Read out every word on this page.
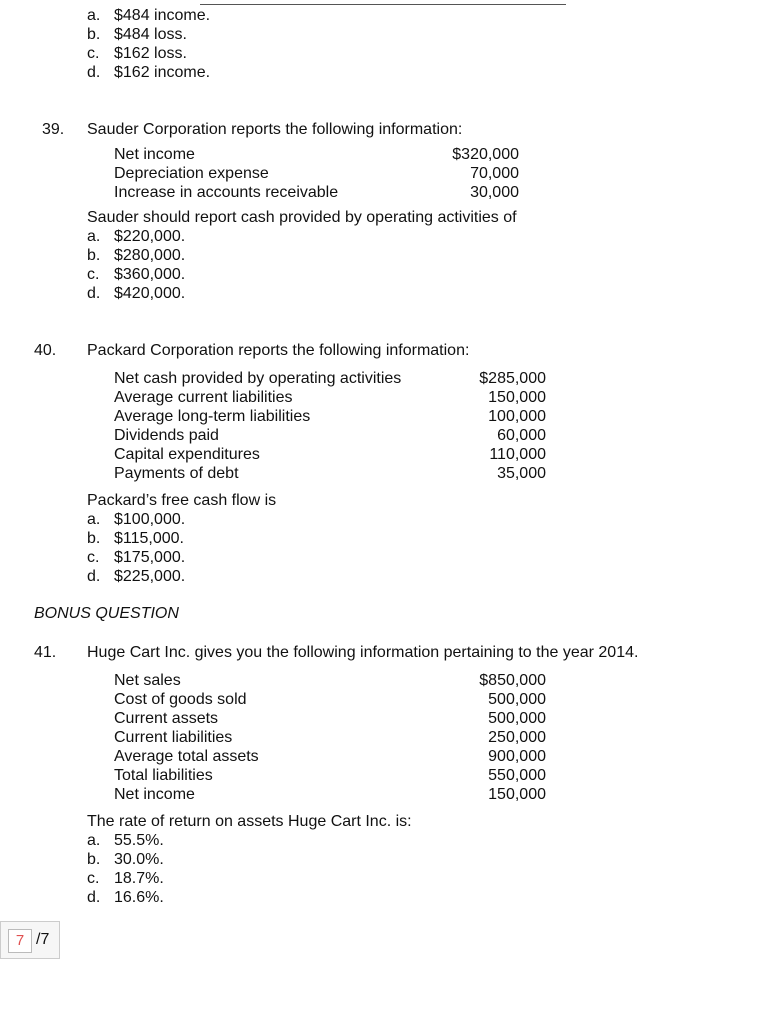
a. $484 income.
b. $484 loss.
c. $162 loss.
d. $162 income.
39. Sauder Corporation reports the following information:
Net income	$320,000
Depreciation expense	70,000
Increase in accounts receivable	30,000
Sauder should report cash provided by operating activities of
a. $220,000.
b. $280,000.
c. $360,000.
d. $420,000.
40. Packard Corporation reports the following information:
Net cash provided by operating activities	$285,000
Average current liabilities	150,000
Average long-term liabilities	100,000
Dividends paid	60,000
Capital expenditures	110,000
Payments of debt	35,000
Packard’s free cash flow is
a. $100,000.
b. $115,000.
c. $175,000.
d. $225,000.
BONUS QUESTION
41. Huge Cart Inc. gives you the following information pertaining to the year 2014.
Net sales	$850,000
Cost of goods sold	500,000
Current assets	500,000
Current liabilities	250,000
Average total assets	900,000
Total liabilities	550,000
Net income	150,000
The rate of return on assets Huge Cart Inc. is:
a. 55.5%.
b. 30.0%.
c. 18.7%.
d. 16.6%.
7 /7
